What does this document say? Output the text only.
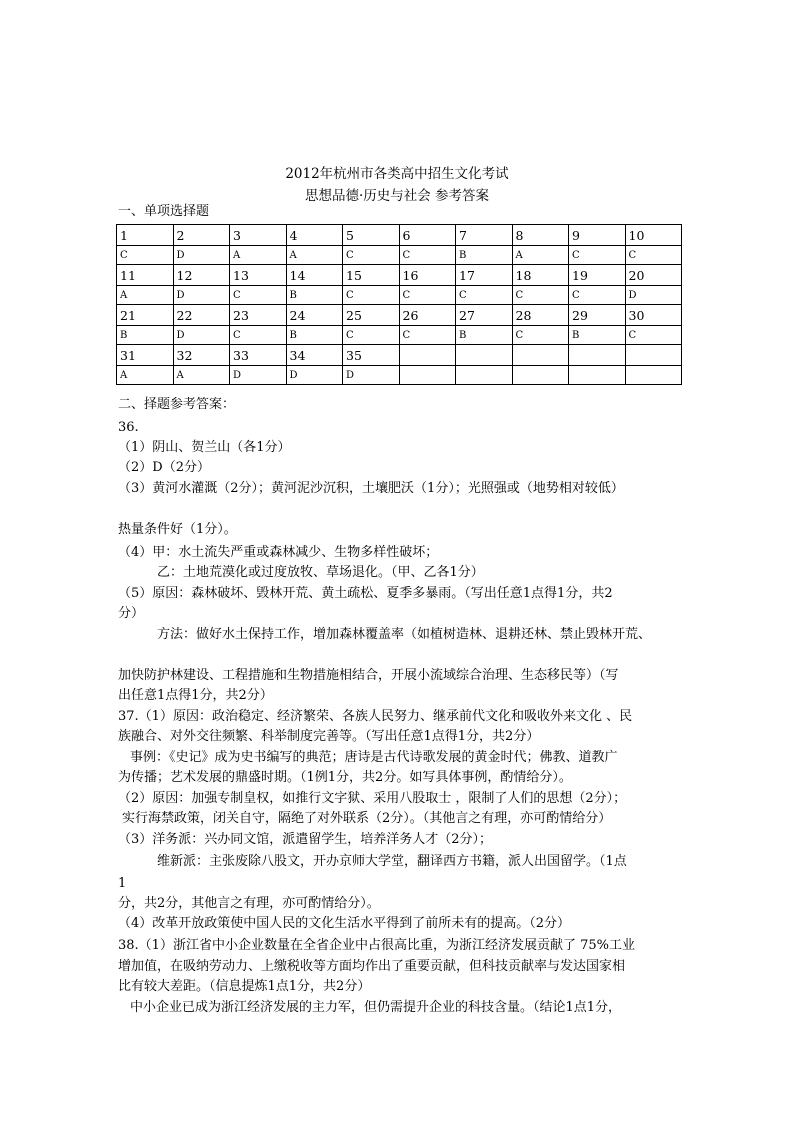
2012年杭州市各类高中招生文化考试
思想品德·历史与社会 参考答案
一、单项选择题
1	2	3	4	5	6	7	8	9	10
C	D	A	A	C	C	B	A	C	C
11	12	13	14	15	16	17	18	19	20
A	D	C	B	C	C	C	C	C	D
21	22	23	24	25	26	27	28	29	30
B	D	C	B	C	C	B	C	B	C
31	32	33	34	35					
A	A	D	D	D					
二、择题参考答案：
36.
（1）阴山、贺兰山（各1分）
（2）D（2分）
（3）黄河水灌溉（2分）；黄河泥沙沉积，土壤肥沃（1分）；光照强或（地势相对较低）
热量条件好（1分）。
（4）甲：水土流失严重或森林减少、生物多样性破坏；
乙：土地荒漠化或过度放牧、草场退化。（甲、乙各1分）
（5）原因：森林破坏、毁林开荒、黄土疏松、夏季多暴雨。（写出任意1点得1分，共2
分）
方法：做好水土保持工作，增加森林覆盖率（如植树造林、退耕还林、禁止毁林开荒、
加快防护林建设、工程措施和生物措施相结合，开展小流域综合治理、生态移民等）（写
出任意1点得1分，共2分）
37.（1）原因：政治稳定、经济繁荣、各族人民努力、继承前代文化和吸收外来文化 、民
族融合、对外交往频繁、科举制度完善等。（写出任意1点得1分，共2分）
事例：《史记》成为史书编写的典范；唐诗是古代诗歌发展的黄金时代；佛教、道教广
为传播；艺术发展的鼎盛时期。（1例1分，共2分。如写具体事例，酌情给分）。
（2）原因：加强专制皇权，如推行文字狱、采用八股取士 ，限制了人们的思想（2分）；
实行海禁政策，闭关自守，隔绝了对外联系（2分）。（其他言之有理，亦可酌情给分）
（3）洋务派：兴办同文馆，派遣留学生，培养洋务人才（2分）；
维新派：主张废除八股文，开办京师大学堂，翻译西方书籍，派人出国留学。（1点
1
分，共2分，其他言之有理，亦可酌情给分）。
（4）改革开放政策使中国人民的文化生活水平得到了前所未有的提高。（2分）
38.（1）浙江省中小企业数量在全省企业中占很高比重，为浙江经济发展贡献了 75%工业
增加值，在吸纳劳动力、上缴税收等方面均作出了重要贡献，但科技贡献率与发达国家相
比有较大差距。（信息提炼1点1分，共2分）
中小企业已成为浙江经济发展的主力军，但仍需提升企业的科技含量。（结论1点1分，
